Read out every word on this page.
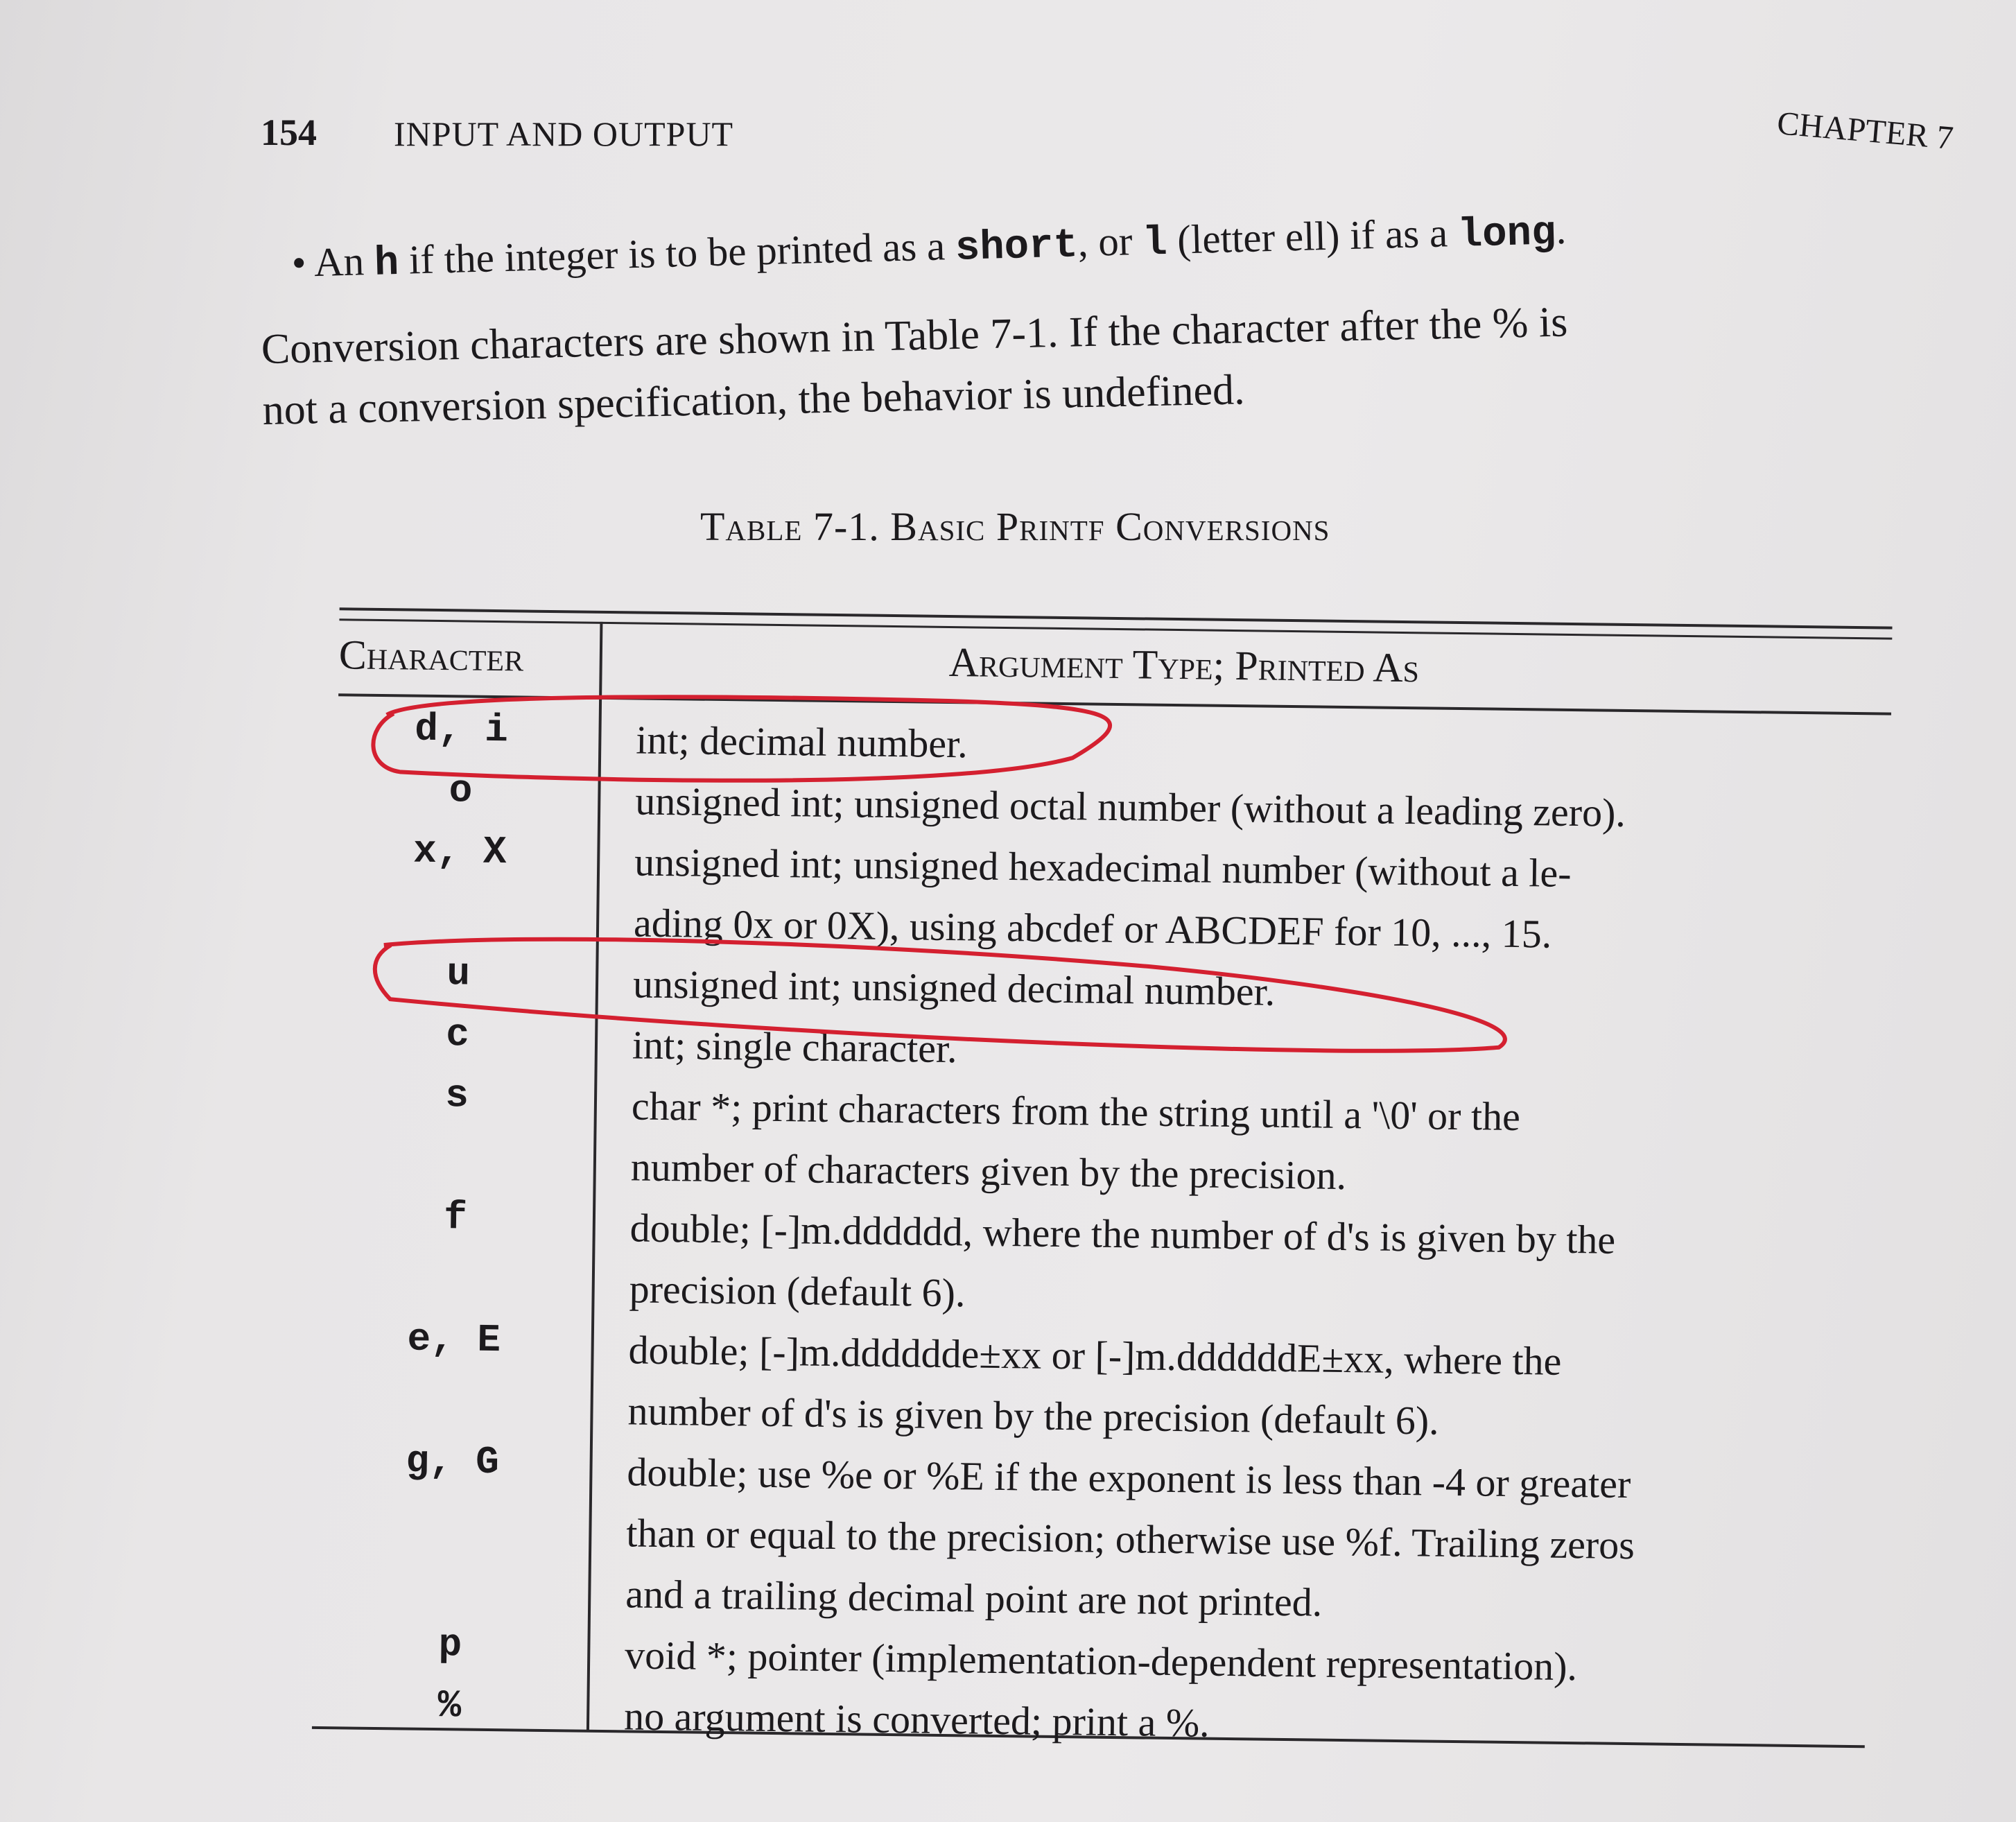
154 INPUT AND OUTPUT	CHAPTER 7
• An h if the integer is to be printed as a short, or l (letter ell) if as a long.

Conversion characters are shown in Table 7-1. If the character after the % is

not a conversion specification, the behavior is undefined.

Table 7-1. Basic Printf Conversions
Character	Argument Type; Printed As
d, i	int; decimal number.

o	unsigned int; unsigned octal number (without a leading zero).

x, X	unsigned int; unsigned hexadecimal number (without a le-

ading 0x or 0X), using abcdef or ABCDEF for 10, ..., 15.

u	unsigned int; unsigned decimal number.

c	int; single character.

s	char *; print characters from the string until a '\0' or the

number of characters given by the precision.

f	double; [-]m.dddddd, where the number of d's is given by the

precision (default 6).

e, E	double; [-]m.dddddde±xx or [-]m.ddddddE±xx, where the

number of d's is given by the precision (default 6).

g, G	double; use %e or %E if the exponent is less than -4 or greater

than or equal to the precision; otherwise use %f. Trailing zeros

and a trailing decimal point are not printed.

p	void *; pointer (implementation-dependent representation).

%	no argument is converted; print a %.
